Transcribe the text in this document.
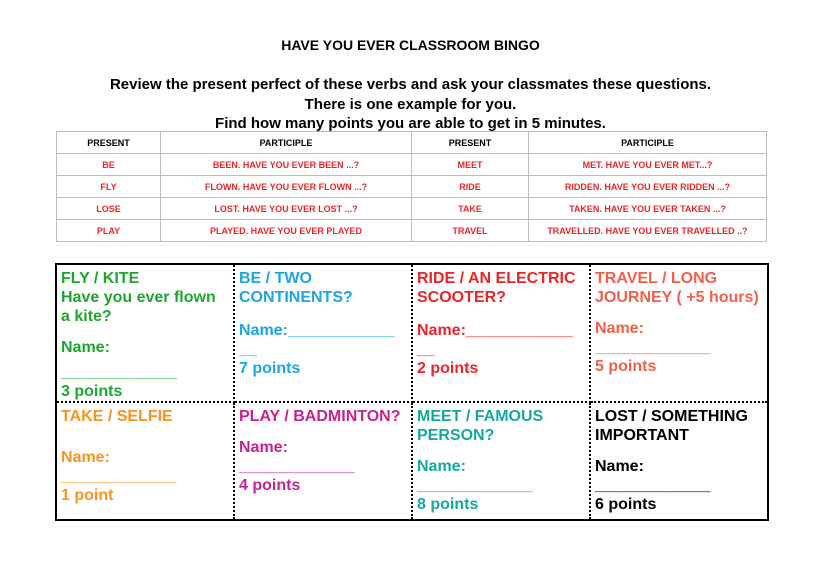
HAVE YOU EVER CLASSROOM BINGO
Review the present perfect of these verbs and ask your classmates these questions.
There is one example for you.
Find how many points you are able to get in 5 minutes.
PRESENT	PARTICIPLE	PRESENT	PARTICIPLE
BE	BEEN. HAVE YOU EVER BEEN ...?	MEET	MET. HAVE YOU EVER MET...?
FLY	FLOWN. HAVE YOU EVER FLOWN ...?	RIDE	RIDDEN. HAVE YOU EVER RIDDEN ...?
LOSE	LOST. HAVE YOU EVER LOST ...?	TAKE	TAKEN. HAVE YOU EVER TAKEN ...?
PLAY	PLAYED. HAVE YOU EVER PLAYED	TRAVEL	TRAVELLED. HAVE YOU EVER TRAVELLED ..?
FLY / KITE
Have you ever flown a kite?
Name:
_____________
3 points	BE / TWO CONTINENTS?
Name:____________
__
7 points	RIDE / AN ELECTRIC SCOOTER?
Name:____________
__
2 points	TRAVEL / LONG JOURNEY ( +5 hours)
Name:
_____________
5 points

TAKE / SELFIE
Name:
_____________
1 point	PLAY / BADMINTON?
Name:
_____________
4 points	MEET / FAMOUS PERSON?
Name:
_____________
8 points	LOST / SOMETHING IMPORTANT
Name:
_____________
6 points
